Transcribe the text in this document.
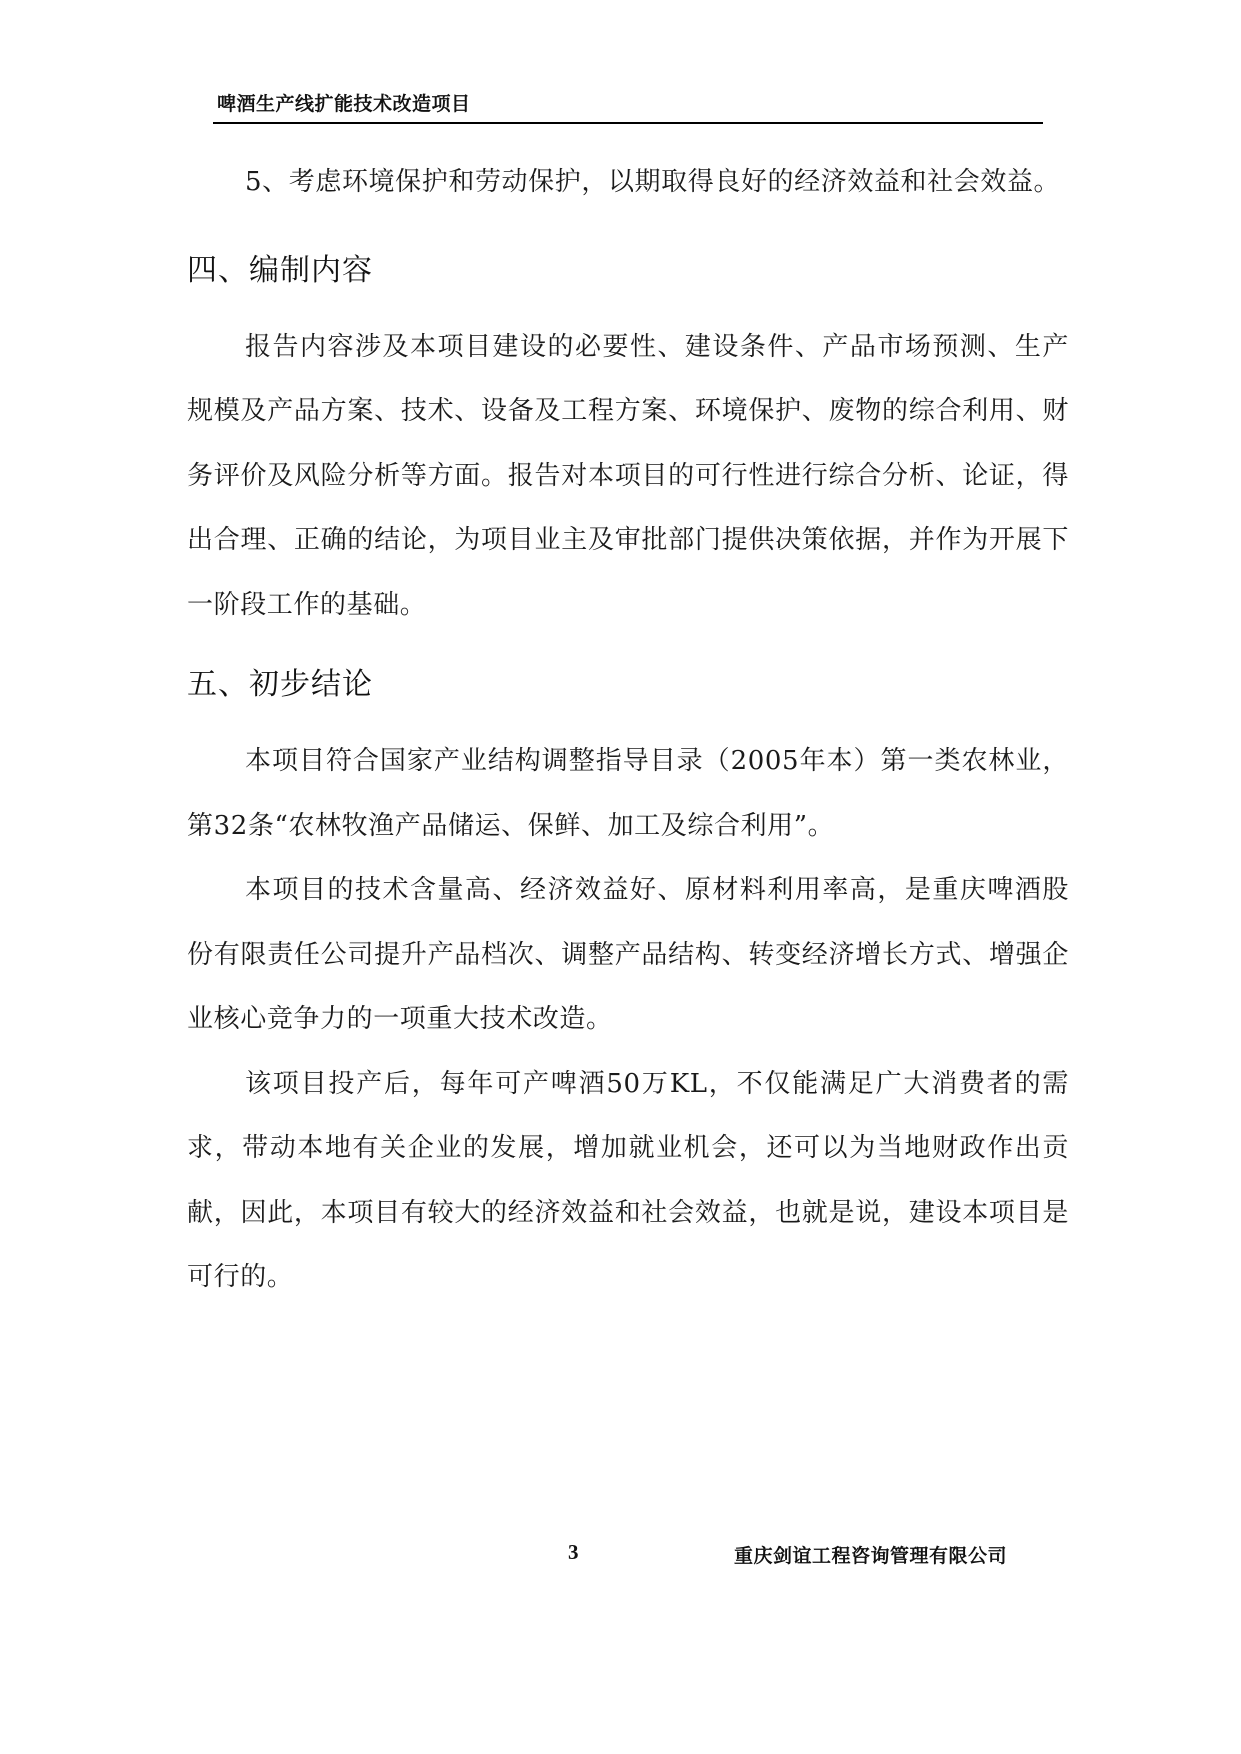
啤酒生产线扩能技术改造项目

5、考虑环境保护和劳动保护，以期取得良好的经济效益和社会效益。

四、编制内容

报告内容涉及本项目建设的必要性、建设条件、产品市场预测、生产规模及产品方案、技术、设备及工程方案、环境保护、废物的综合利用、财务评价及风险分析等方面。报告对本项目的可行性进行综合分析、论证，得出合理、正确的结论，为项目业主及审批部门提供决策依据，并作为开展下一阶段工作的基础。

五、初步结论

本项目符合国家产业结构调整指导目录（2005年本）第一类农林业，第32条“农林牧渔产品储运、保鲜、加工及综合利用”。

本项目的技术含量高、经济效益好、原材料利用率高，是重庆啤酒股份有限责任公司提升产品档次、调整产品结构、转变经济增长方式、增强企业核心竞争力的一项重大技术改造。

该项目投产后，每年可产啤酒50万KL，不仅能满足广大消费者的需求，带动本地有关企业的发展，增加就业机会，还可以为当地财政作出贡献，因此，本项目有较大的经济效益和社会效益，也就是说，建设本项目是可行的。

3	重庆剑谊工程咨询管理有限公司
